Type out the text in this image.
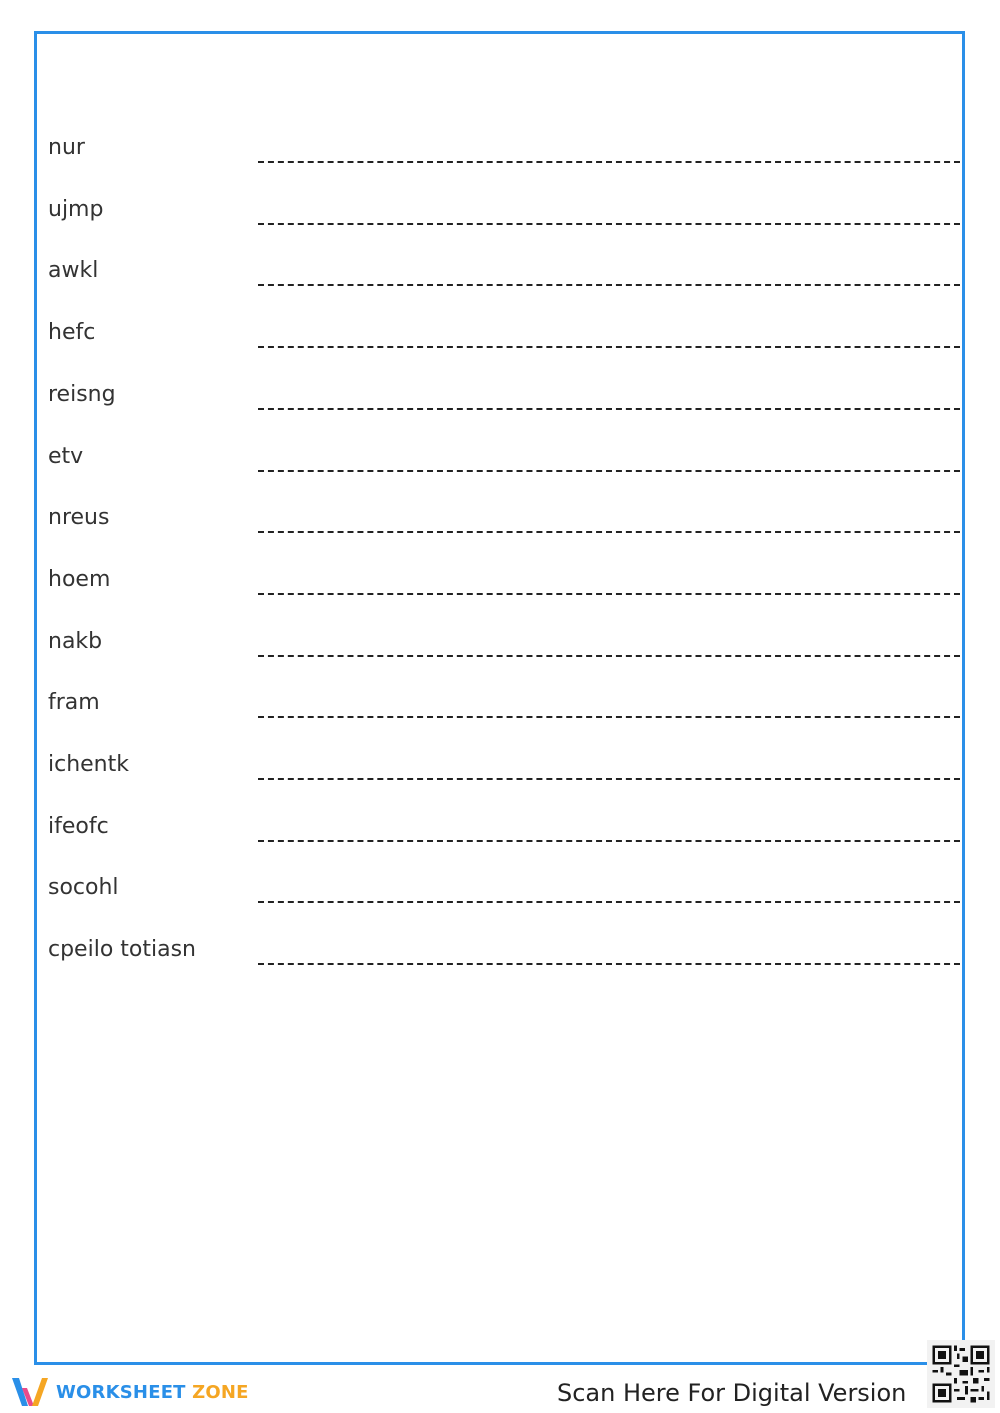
nur
ujmp
awkl
hefc
reisng
etv
nreus
hoem
nakb
fram
ichentk
ifeofc
socohl
cpeilo totiasn
WORKSHEET ZONE	Scan Here For Digital Version
